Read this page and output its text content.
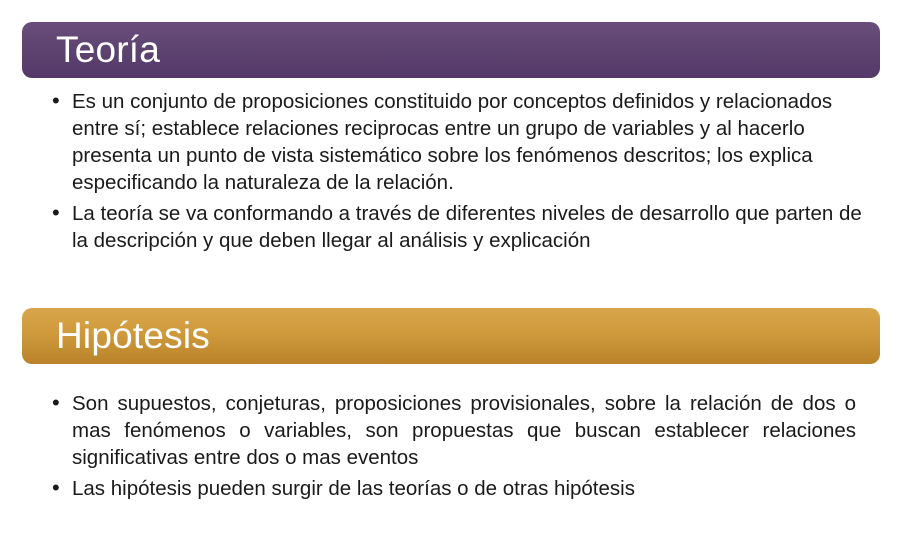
Teoría
• Es un conjunto de proposiciones constituido por conceptos definidos y relacionados entre sí; establece relaciones reciprocas entre un grupo de variables y al hacerlo presenta un punto de vista sistemático sobre los fenómenos descritos; los explica especificando la naturaleza de la relación.
• La teoría se va conformando a través de diferentes niveles de desarrollo que parten de la descripción y que deben llegar al análisis y explicación
Hipótesis
• Son supuestos, conjeturas, proposiciones provisionales, sobre la relación de dos o mas fenómenos o variables, son propuestas que buscan establecer relaciones significativas entre dos o mas eventos
• Las hipótesis pueden surgir de las teorías o de otras hipótesis
